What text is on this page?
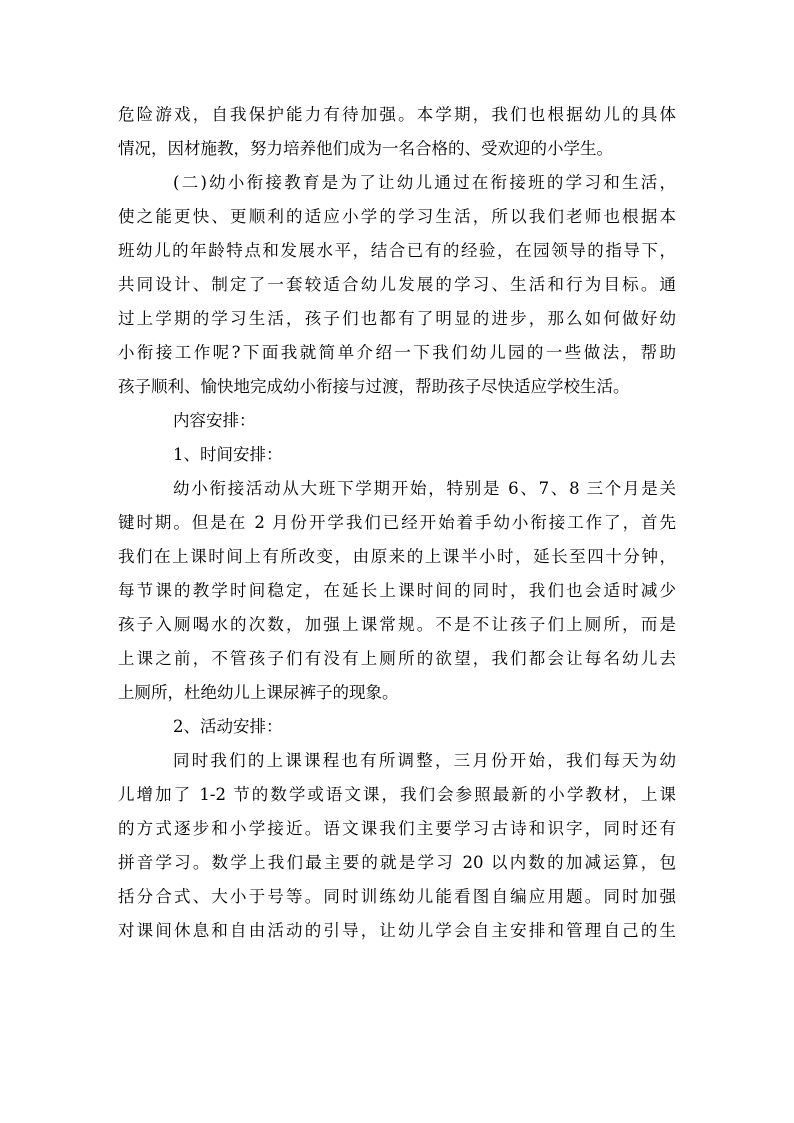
危险游戏，自我保护能力有待加强。本学期，我们也根据幼儿的具体
情况，因材施教，努力培养他们成为一名合格的、受欢迎的小学生。
(二)幼小衔接教育是为了让幼儿通过在衔接班的学习和生活，
使之能更快、更顺利的适应小学的学习生活，所以我们老师也根据本
班幼儿的年龄特点和发展水平，结合已有的经验，在园领导的指导下，
共同设计、制定了一套较适合幼儿发展的学习、生活和行为目标。通
过上学期的学习生活，孩子们也都有了明显的进步，那么如何做好幼
小衔接工作呢?下面我就简单介绍一下我们幼儿园的一些做法，帮助
孩子顺利、愉快地完成幼小衔接与过渡，帮助孩子尽快适应学校生活。
内容安排：
1、时间安排：
幼小衔接活动从大班下学期开始，特别是 6、7、8 三个月是关
键时期。但是在 2 月份开学我们已经开始着手幼小衔接工作了，首先
我们在上课时间上有所改变，由原来的上课半小时，延长至四十分钟，
每节课的教学时间稳定，在延长上课时间的同时，我们也会适时减少
孩子入厕喝水的次数，加强上课常规。不是不让孩子们上厕所，而是
上课之前，不管孩子们有没有上厕所的欲望，我们都会让每名幼儿去
上厕所，杜绝幼儿上课尿裤子的现象。
2、活动安排：
同时我们的上课课程也有所调整，三月份开始，我们每天为幼
儿增加了 1-2 节的数学或语文课，我们会参照最新的小学教材，上课
的方式逐步和小学接近。语文课我们主要学习古诗和识字，同时还有
拼音学习。数学上我们最主要的就是学习 20 以内数的加减运算，包
括分合式、大小于号等。同时训练幼儿能看图自编应用题。同时加强
对课间休息和自由活动的引导，让幼儿学会自主安排和管理自己的生
